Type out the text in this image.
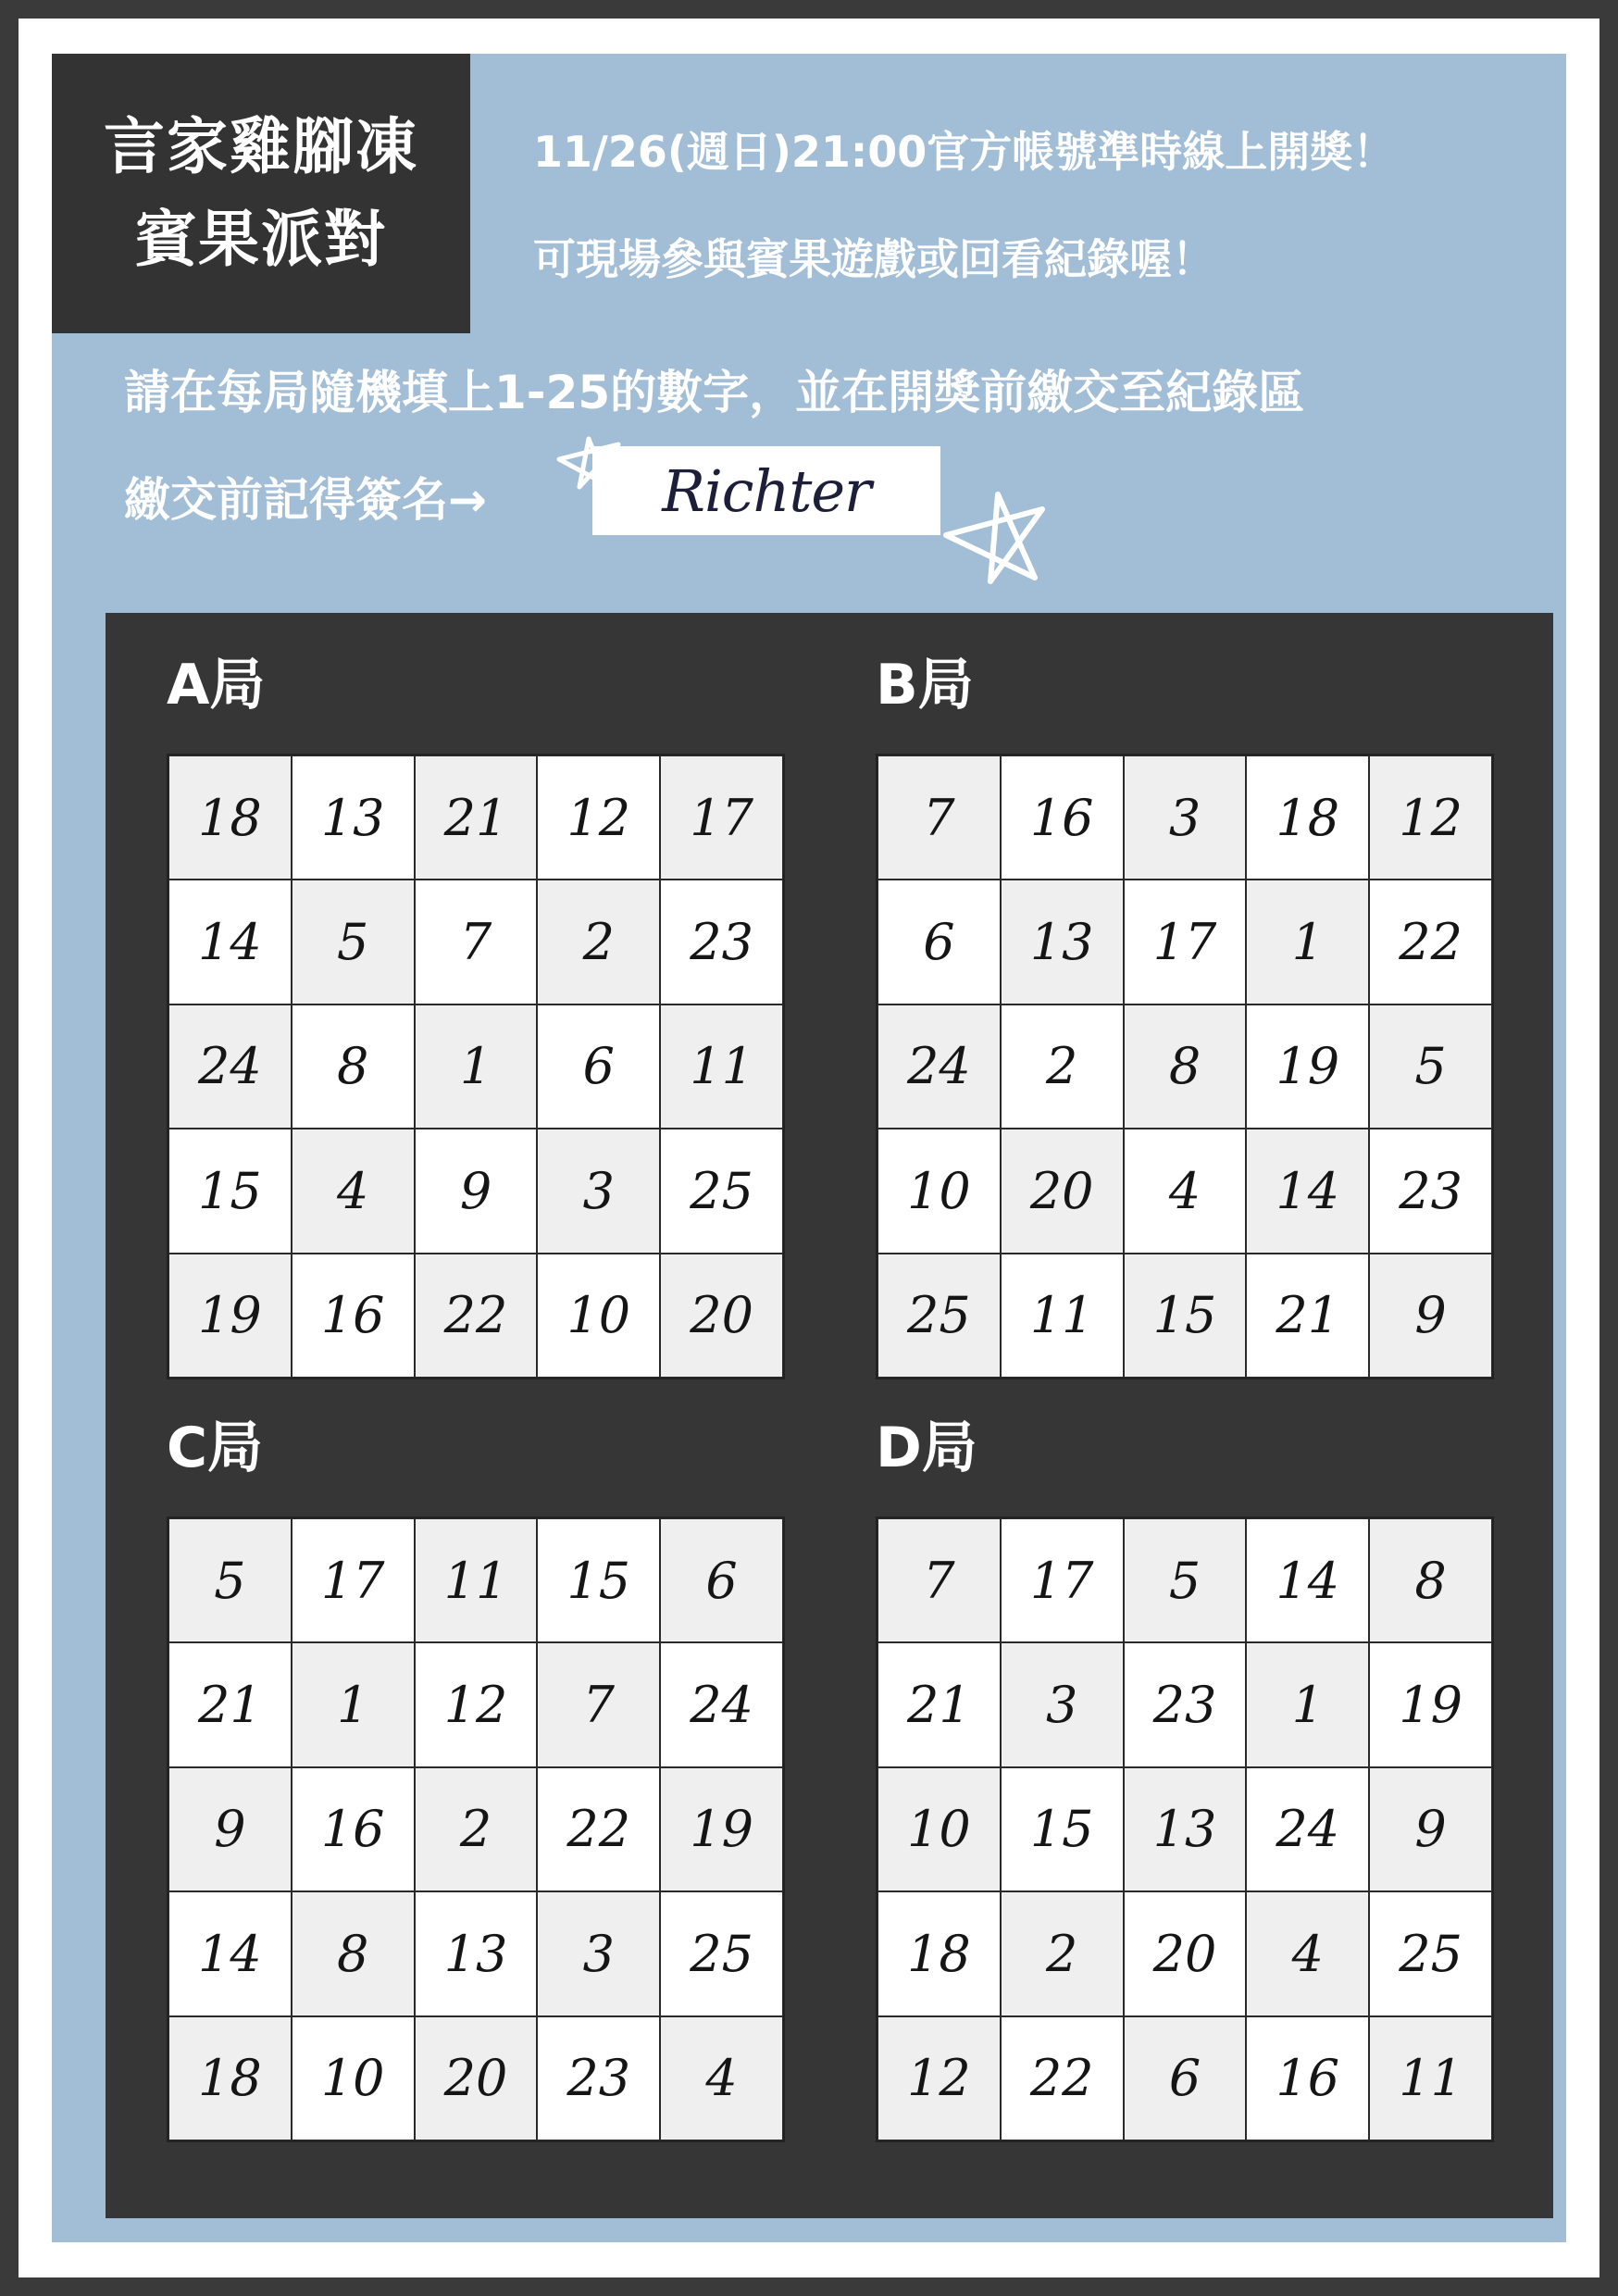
言家雞腳凍
賓果派對
11/26(週日)21:00官方帳號準時線上開獎！
可現場參與賓果遊戲或回看紀錄喔！
請在每局隨機填上1-25的數字，並在開獎前繳交至紀錄區
繳交前記得簽名→	Richter
A局
18	13	21	12	17
14	5	7	2	23
24	8	1	6	11
15	4	9	3	25
19	16	22	10	20
B局
7	16	3	18	12
6	13	17	1	22
24	2	8	19	5
10	20	4	14	23
25	11	15	21	9
C局
5	17	11	15	6
21	1	12	7	24
9	16	2	22	19
14	8	13	3	25
18	10	20	23	4
D局
7	17	5	14	8
21	3	23	1	19
10	15	13	24	9
18	2	20	4	25
12	22	6	16	11
